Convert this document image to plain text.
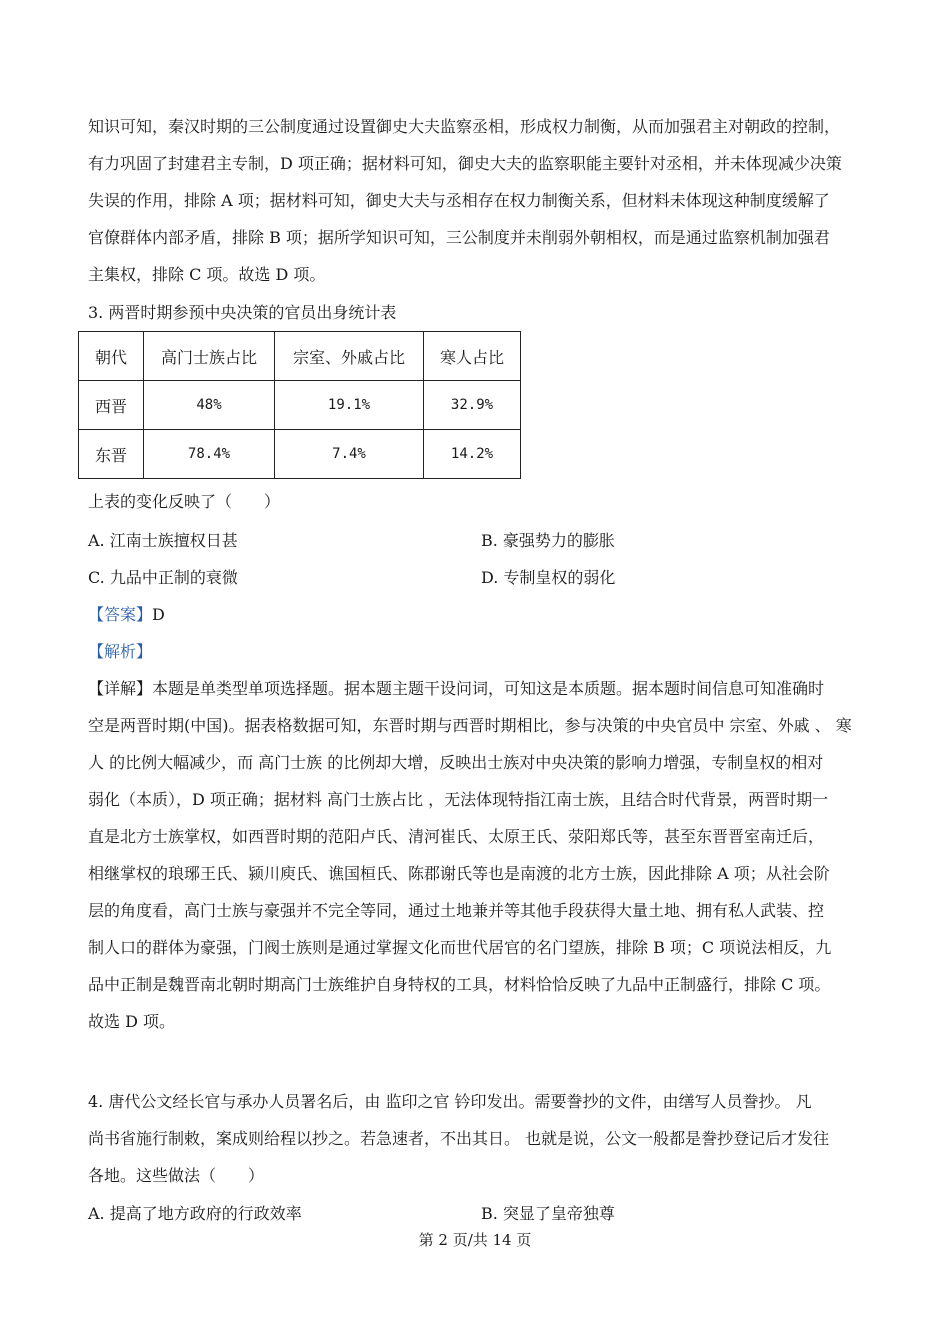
知识可知，秦汉时期的三公制度通过设置御史大夫监察丞相，形成权力制衡，从而加强君主对朝政的控制，
有力巩固了封建君主专制，D 项正确；据材料可知，御史大夫的监察职能主要针对丞相，并未体现减少决策
失误的作用，排除 A 项；据材料可知，御史大夫与丞相存在权力制衡关系，但材料未体现这种制度缓解了
官僚群体内部矛盾，排除 B 项；据所学知识可知，三公制度并未削弱外朝相权，而是通过监察机制加强君
主集权，排除 C 项。故选 D 项。
3. 两晋时期参预中央决策的官员出身统计表
朝代	高门士族占比	宗室、外戚占比	寒人占比
西晋	48%	19.1%	32.9%
东晋	78.4%	7.4%	14.2%
上表的变化反映了（　　）
A. 江南士族擅权日甚	B. 豪强势力的膨胀
C. 九品中正制的衰微	D. 专制皇权的弱化
【答案】D
【解析】
【详解】本题是单类型单项选择题。据本题主题干设问词，可知这是本质题。据本题时间信息可知准确时
空是两晋时期(中国)。据表格数据可知，东晋时期与西晋时期相比，参与决策的中央官员中 宗室、外戚 、 寒
人 的比例大幅减少，而 高门士族 的比例却大增，反映出士族对中央决策的影响力增强，专制皇权的相对
弱化（本质），D 项正确；据材料 高门士族占比 ，无法体现特指江南士族，且结合时代背景，两晋时期一
直是北方士族掌权，如西晋时期的范阳卢氏、清河崔氏、太原王氏、荥阳郑氏等，甚至东晋晋室南迁后，
相继掌权的琅琊王氏、颍川庾氏、谯国桓氏、陈郡谢氏等也是南渡的北方士族，因此排除 A 项；从社会阶
层的角度看，高门士族与豪强并不完全等同，通过土地兼并等其他手段获得大量土地、拥有私人武装、控
制人口的群体为豪强，门阀士族则是通过掌握文化而世代居官的名门望族，排除 B 项；C 项说法相反，九
品中正制是魏晋南北朝时期高门士族维护自身特权的工具，材料恰恰反映了九品中正制盛行，排除 C 项。
故选 D 项。
4. 唐代公文经长官与承办人员署名后，由 监印之官 钤印发出。需要誊抄的文件，由缮写人员誊抄。 凡
尚书省施行制敕，案成则给程以抄之。若急速者，不出其日。 也就是说，公文一般都是誊抄登记后才发往
各地。这些做法（　　）
A. 提高了地方政府的行政效率	B. 突显了皇帝独尊
第 2 页/共 14 页
